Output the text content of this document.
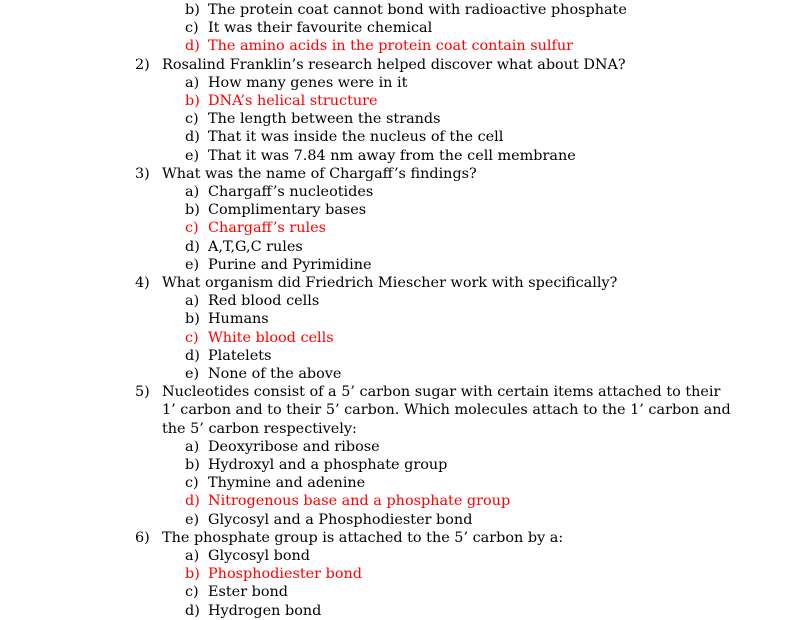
b) The protein coat cannot bond with radioactive phosphate
c) It was their favourite chemical
d) The amino acids in the protein coat contain sulfur
2) Rosalind Franklin’s research helped discover what about DNA?
a) How many genes were in it
b) DNA’s helical structure
c) The length between the strands
d) That it was inside the nucleus of the cell
e) That it was 7.84 nm away from the cell membrane
3) What was the name of Chargaff’s findings?
a) Chargaff’s nucleotides
b) Complimentary bases
c) Chargaff’s rules
d) A,T,G,C rules
e) Purine and Pyrimidine
4) What organism did Friedrich Miescher work with specifically?
a) Red blood cells
b) Humans
c) White blood cells
d) Platelets
e) None of the above
5) Nucleotides consist of a 5’ carbon sugar with certain items attached to their
1’ carbon and to their 5’ carbon. Which molecules attach to the 1’ carbon and
the 5’ carbon respectively:
a) Deoxyribose and ribose
b) Hydroxyl and a phosphate group
c) Thymine and adenine
d) Nitrogenous base and a phosphate group
e) Glycosyl and a Phosphodiester bond
6) The phosphate group is attached to the 5’ carbon by a:
a) Glycosyl bond
b) Phosphodiester bond
c) Ester bond
d) Hydrogen bond
